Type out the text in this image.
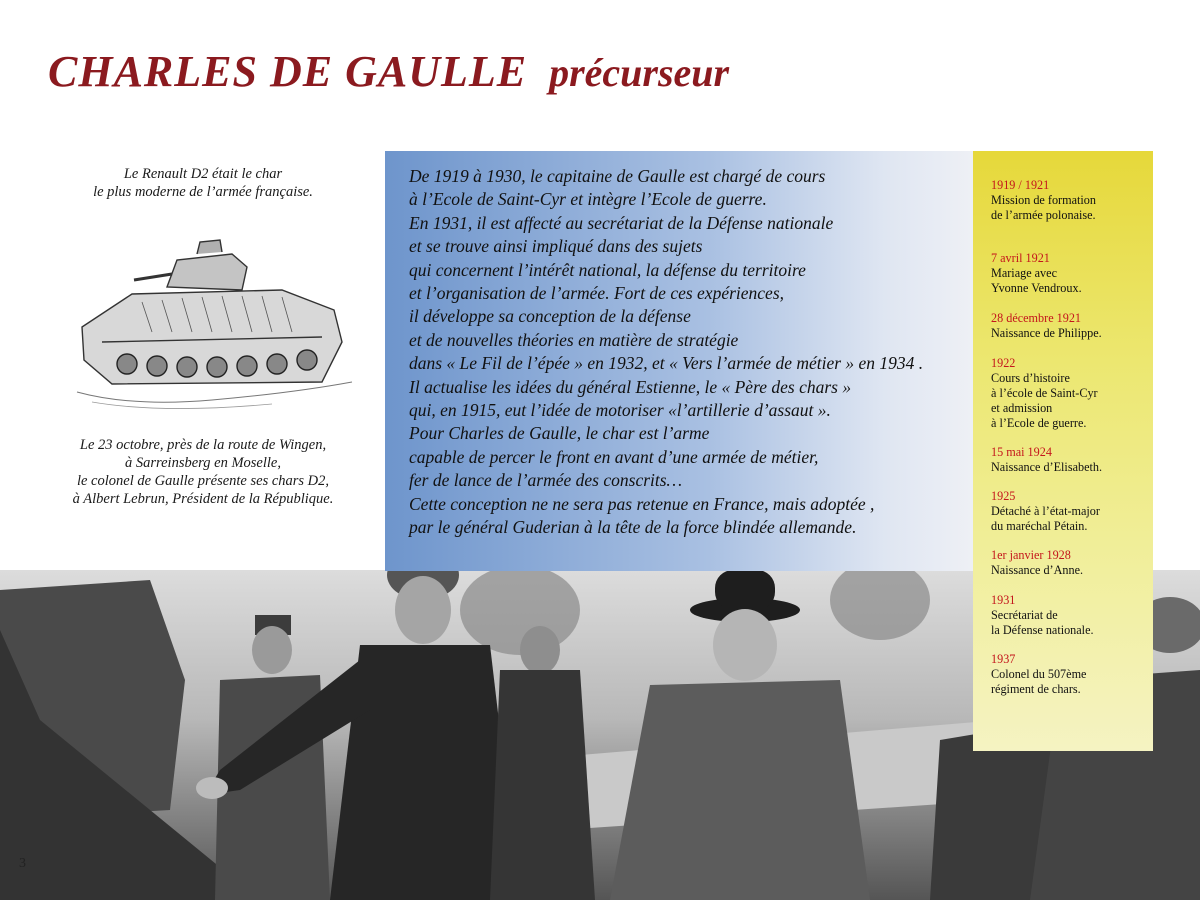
CHARLES DE GAULLE précurseur
Le Renault D2 était le char
le plus moderne de l’armée française.
Le 23 octobre, près de la route de Wingen,
à Sarreinsberg en Moselle,
le colonel de Gaulle présente ses chars D2,
à Albert Lebrun, Président de la République.
De 1919 à 1930, le capitaine de Gaulle est chargé de cours
à l’Ecole de Saint-Cyr et intègre l’Ecole de guerre.
En 1931, il est affecté au secrétariat de la Défense nationale
et se trouve ainsi impliqué dans des sujets
qui concernent l’intérêt national, la défense du territoire
et l’organisation de l’armée. Fort de ces expériences,
il développe sa conception de la défense
et de nouvelles théories en matière de stratégie
dans « Le Fil de l’épée » en 1932, et « Vers l’armée de métier » en 1934 .
Il actualise les idées du général Estienne, le « Père des chars »
qui, en 1915, eut l’idée de motoriser «l’artillerie d’assaut ».
Pour Charles de Gaulle, le char est l’arme
capable de percer le front en avant d’une armée de métier,
fer de lance de l’armée des conscrits…
Cette conception ne ne sera pas retenue en France, mais adoptée ,
par le général Guderian à la tête de la force blindée allemande.
1919 / 1921
Mission de formation
de l’armée polonaise.
7 avril 1921
Mariage avec
Yvonne Vendroux.
28 décembre 1921
Naissance de Philippe.
1922
Cours d’histoire
à l’école de Saint-Cyr
et admission
à l’Ecole de guerre.
15 mai 1924
Naissance d’Elisabeth.
1925
Détaché à l’état-major
du maréchal Pétain.
1er janvier 1928
Naissance d’Anne.
1931
Secrétariat de
la Défense nationale.
1937
Colonel du 507ème
régiment de chars.
3
